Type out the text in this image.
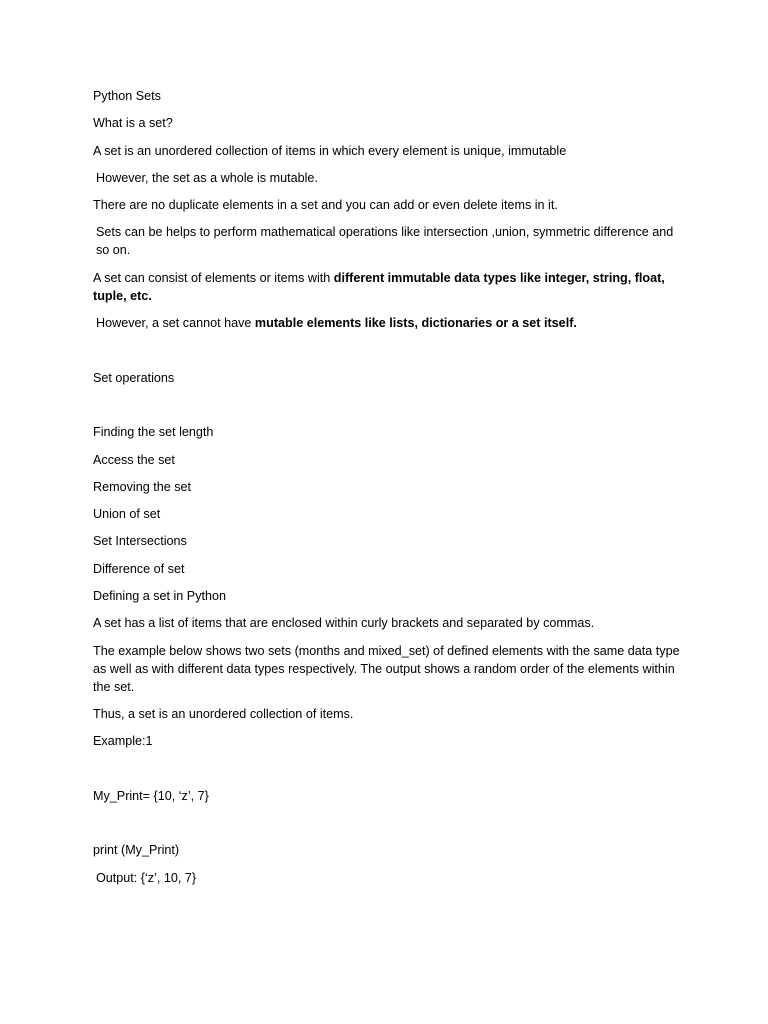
Python Sets
What is a set?
A set is an unordered collection of items in which every element is unique, immutable
However, the set as a whole is mutable.
There are no duplicate elements in a set and you can add or even delete items in it.
Sets can be helps to perform mathematical operations like intersection ,union, symmetric difference and so on.
A set can consist of elements or items with different immutable data types like integer, string, float, tuple, etc.
However, a set cannot have mutable elements like lists, dictionaries or a set itself.
Set operations
Finding the set length
Access the set
Removing the set
Union of set
Set Intersections
Difference of set
Defining a set in Python
A set has a list of items that are enclosed within curly brackets and separated by commas.
The example below shows two sets (months and mixed_set) of defined elements with the same data type as well as with different data types respectively. The output shows a random order of the elements within the set.
Thus, a set is an unordered collection of items.
Example:1
My_Print= {10, ‘z’, 7}
print (My_Print)
Output: {‘z’, 10, 7}
